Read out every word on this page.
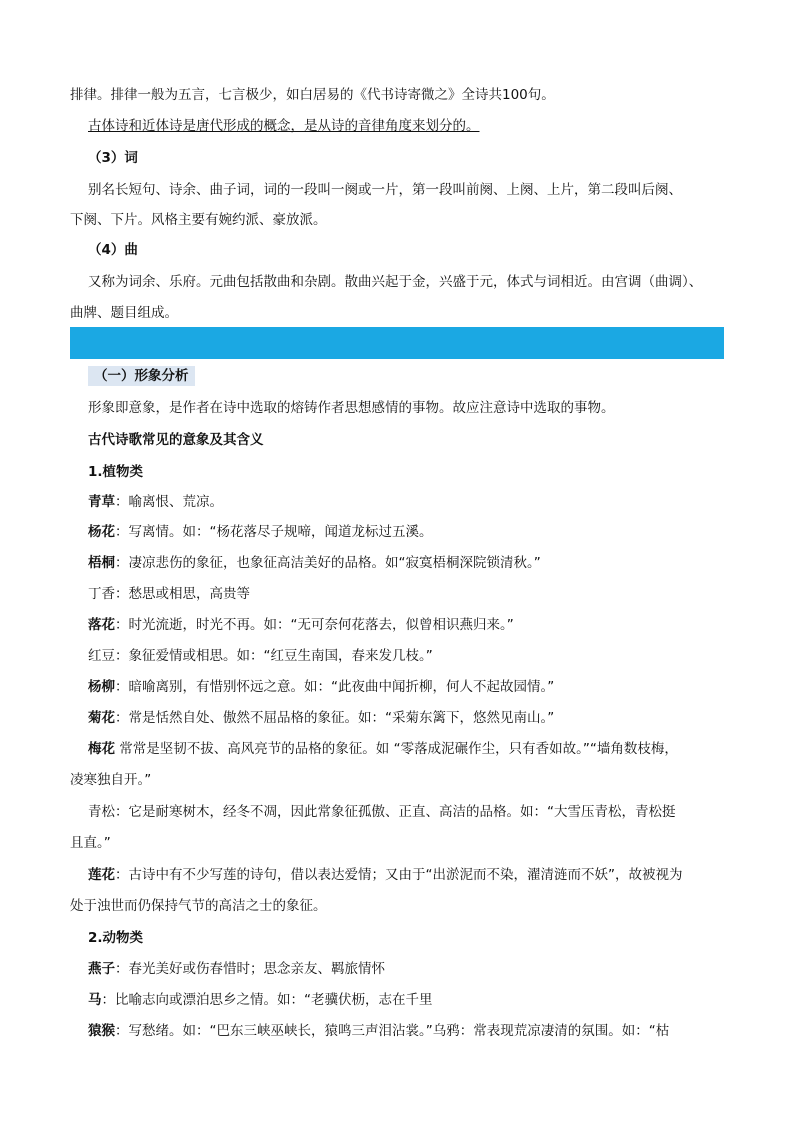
排律。排律一般为五言，七言极少，如白居易的《代书诗寄微之》全诗共100句。
古体诗和近体诗是唐代形成的概念，是从诗的音律角度来划分的。
（3）词
别名长短句、诗余、曲子词，词的一段叫一阕或一片，第一段叫前阕、上阕、上片，第二段叫后阕、
下阕、下片。风格主要有婉约派、豪放派。
（4）曲
又称为词余、乐府。元曲包括散曲和杂剧。散曲兴起于金，兴盛于元，体式与词相近。由宫调（曲调）、
曲牌、题目组成。
（一）形象分析
形象即意象，是作者在诗中选取的熔铸作者思想感情的事物。故应注意诗中选取的事物。
古代诗歌常见的意象及其含义
1.植物类
青草：喻离恨、荒凉。
杨花：写离情。如：“杨花落尽子规啼，闻道龙标过五溪。
梧桐：凄凉悲伤的象征，也象征高洁美好的品格。如“寂寞梧桐深院锁清秋。”
丁香：愁思或相思，高贵等
落花：时光流逝，时光不再。如：“无可奈何花落去，似曾相识燕归来。”
红豆：象征爱情或相思。如：“红豆生南国，春来发几枝。”
杨柳：暗喻离别，有惜别怀远之意。如：“此夜曲中闻折柳，何人不起故园情。”
菊花：常是恬然自处、傲然不屈品格的象征。如：“采菊东篱下，悠然见南山。”
梅花 常常是坚韧不拔、高风亮节的品格的象征。如 “零落成泥碾作尘，只有香如故。”“墙角数枝梅，
凌寒独自开。”
青松：它是耐寒树木，经冬不凋，因此常象征孤傲、正直、高洁的品格。如：“大雪压青松，青松挺
且直。”
莲花：古诗中有不少写莲的诗句，借以表达爱情；又由于“出淤泥而不染，濯清涟而不妖”，故被视为
处于浊世而仍保持气节的高洁之士的象征。
2.动物类
燕子：春光美好或伤春惜时；思念亲友、羁旅情怀
马：比喻志向或漂泊思乡之情。如：“老骥伏枥，志在千里
猿猴：写愁绪。如：“巴东三峡巫峡长，猿鸣三声泪沾裳。”乌鸦：常表现荒凉凄清的氛围。如：“枯
